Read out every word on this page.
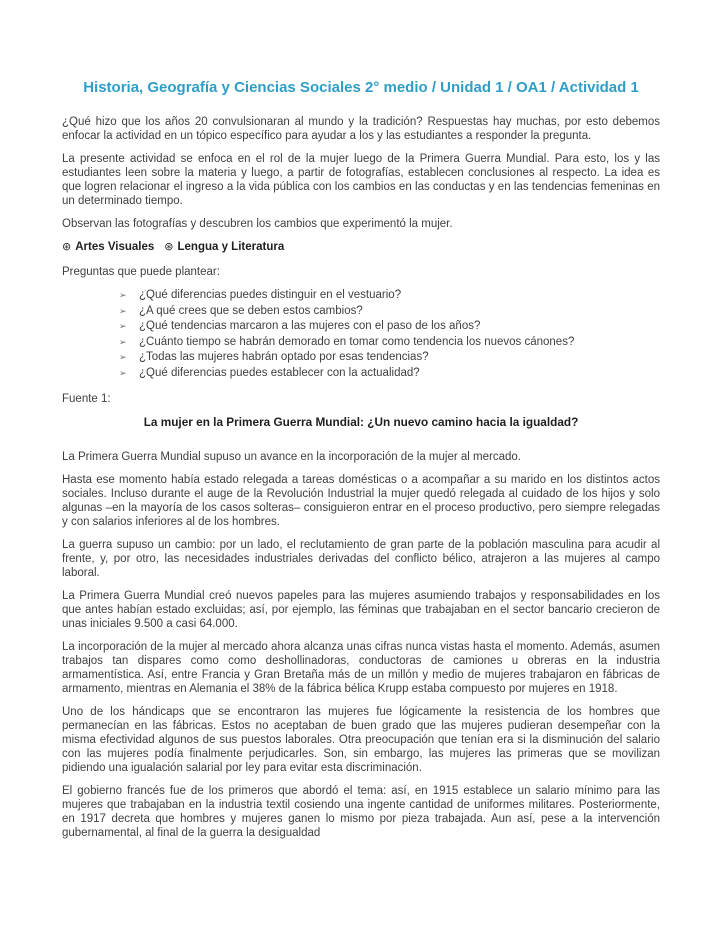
Historia, Geografía y Ciencias Sociales 2° medio / Unidad 1 / OA1 / Actividad 1

¿Qué hizo que los años 20 convulsionaran al mundo y la tradición? Respuestas hay muchas, por esto debemos enfocar la actividad en un tópico específico para ayudar a los y las estudiantes a responder la pregunta.

La presente actividad se enfoca en el rol de la mujer luego de la Primera Guerra Mundial. Para esto, los y las estudiantes leen sobre la materia y luego, a partir de fotografías, establecen conclusiones al respecto. La idea es que logren relacionar el ingreso a la vida pública con los cambios en las conductas y en las tendencias femeninas en un determinado tiempo.

Observan las fotografías y descubren los cambios que experimentó la mujer.

⊛ Artes Visuales ⊛ Lengua y Literatura

Preguntas que puede plantear:

➢ ¿Qué diferencias puedes distinguir en el vestuario?
➢ ¿A qué crees que se deben estos cambios?
➢ ¿Qué tendencias marcaron a las mujeres con el paso de los años?
➢ ¿Cuánto tiempo se habrán demorado en tomar como tendencia los nuevos cánones?
➢ ¿Todas las mujeres habrán optado por esas tendencias?
➢ ¿Qué diferencias puedes establecer con la actualidad?

Fuente 1:

La mujer en la Primera Guerra Mundial: ¿Un nuevo camino hacia la igualdad?

La Primera Guerra Mundial supuso un avance en la incorporación de la mujer al mercado.

Hasta ese momento había estado relegada a tareas domésticas o a acompañar a su marido en los distintos actos sociales. Incluso durante el auge de la Revolución Industrial la mujer quedó relegada al cuidado de los hijos y solo algunas –en la mayoría de los casos solteras– consiguieron entrar en el proceso productivo, pero siempre relegadas y con salarios inferiores al de los hombres.

La guerra supuso un cambio: por un lado, el reclutamiento de gran parte de la población masculina para acudir al frente, y, por otro, las necesidades industriales derivadas del conflicto bélico, atrajeron a las mujeres al campo laboral.

La Primera Guerra Mundial creó nuevos papeles para las mujeres asumiendo trabajos y responsabilidades en los que antes habían estado excluidas; así, por ejemplo, las féminas que trabajaban en el sector bancario crecieron de unas iniciales 9.500 a casi 64.000.

La incorporación de la mujer al mercado ahora alcanza unas cifras nunca vistas hasta el momento. Además, asumen trabajos tan dispares como como deshollinadoras, conductoras de camiones u obreras en la industria armamentística. Así, entre Francia y Gran Bretaña más de un millón y medio de mujeres trabajaron en fábricas de armamento, mientras en Alemania el 38% de la fábrica bélica Krupp estaba compuesto por mujeres en 1918.

Uno de los hándicaps que se encontraron las mujeres fue lógicamente la resistencia de los hombres que permanecían en las fábricas. Estos no aceptaban de buen grado que las mujeres pudieran desempeñar con la misma efectividad algunos de sus puestos laborales. Otra preocupación que tenían era si la disminución del salario con las mujeres podía finalmente perjudicarles. Son, sin embargo, las mujeres las primeras que se movilizan pidiendo una igualación salarial por ley para evitar esta discriminación.

El gobierno francés fue de los primeros que abordó el tema: así, en 1915 establece un salario mínimo para las mujeres que trabajaban en la industria textil cosiendo una ingente cantidad de uniformes militares. Posteriormente, en 1917 decreta que hombres y mujeres ganen lo mismo por pieza trabajada. Aun así, pese a la intervención gubernamental, al final de la guerra la desigualdad
